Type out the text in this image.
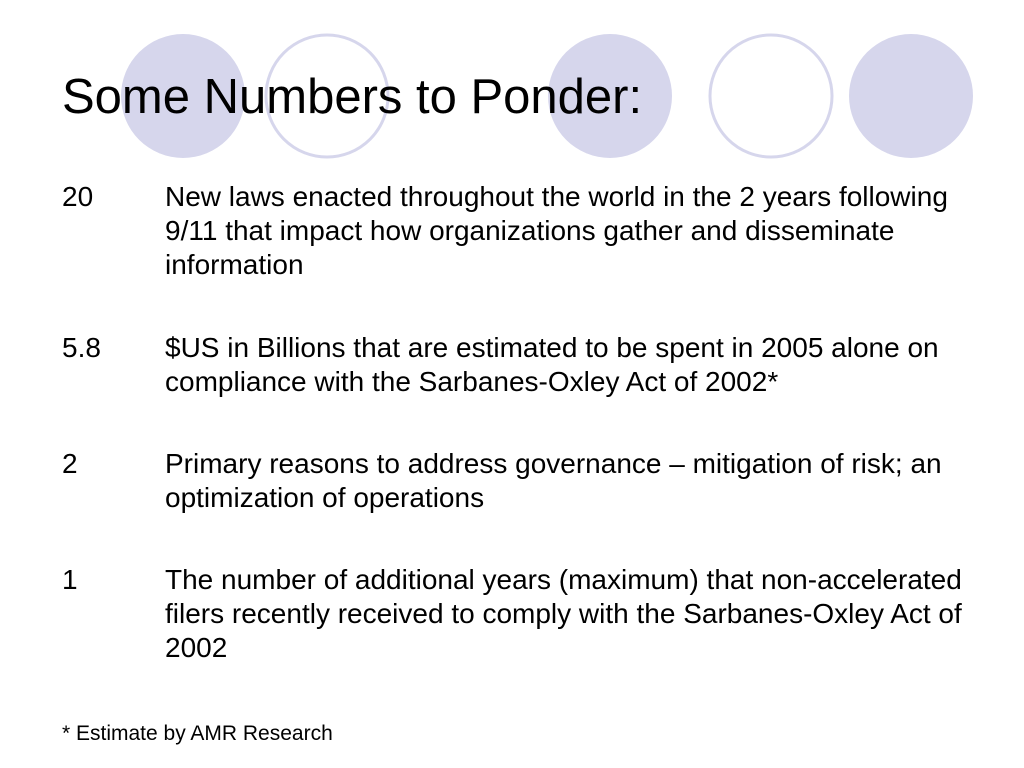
Some Numbers to Ponder:
20	New laws enacted throughout the world in the 2 years following 9/11 that impact how organizations gather and disseminate information
5.8 $US in Billions that are estimated to be spent in 2005 alone on compliance with the Sarbanes-Oxley Act of 2002*
2	Primary reasons to address governance – mitigation of risk; an optimization of operations
1	The number of additional years (maximum) that non-accelerated filers recently received to comply with the Sarbanes-Oxley Act of 2002
* Estimate by AMR Research
